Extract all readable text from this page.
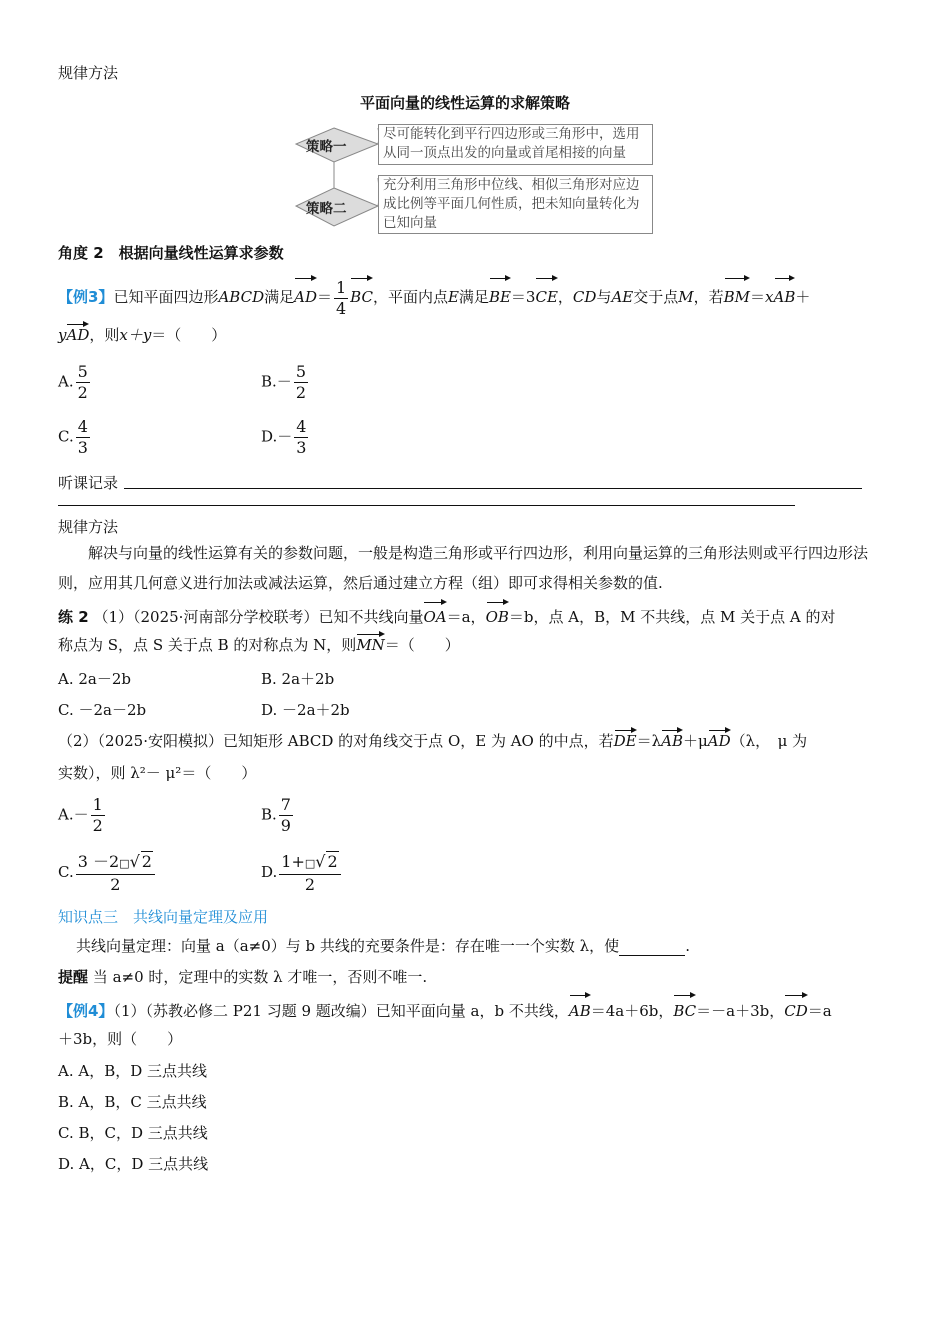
规律方法
平面向量的线性运算的求解策略
策略一
策略二
尽可能转化到平行四边形或三角形中，选用从同一顶点出发的向量或首尾相接的向量
充分利用三角形中位线、相似三角形对应边成比例等平面几何性质，把未知向量转化为已知向量
角度 2　根据向量线性运算求参数
【例3】已知平面四边形ABCD满足$AD= \frac{1}{4}$ BC，平面内点E满足BE＝3CE，CD与AE交于点M，若BM＝xAB＋
yAD，则x＋y＝（　　）
A. $\frac{5}{2}$	$B.- \frac{5}{2}$
C. $\frac{4}{3}$	$D.- \frac{4}{3}$
听课记录
规律方法
解决与向量的线性运算有关的参数问题，一般是构造三角形或平行四边形，利用向量运算的三角形法则或平行四边形法则，应用其几何意义进行加法或减法运算，然后通过建立方程（组）即可求得相关参数的值.
练 2 （1）（2025·河南部分学校联考）已知不共线向量OA＝a，OB＝b，点 A，B，M 不共线，点 M 关于点 A 的对
称点为 S，点 S 关于点 B 的对称点为 N，则MN＝（　　）
A. 2a－2b	B. 2a＋2b
C. －2a－2b	D. －2a＋2b
（2）（2025·安阳模拟）已知矩形 ABCD 的对角线交于点 O，E 为 AO 的中点，若DE＝λAB＋μAD（λ，　μ 为
实数），则 λ²－ μ²＝（　　）
$A.- \frac{1}{2}$	B. $\frac{7}{9}$
C. $\frac{3 -2□√ 2}{2}$	D. $\frac{1+□√ 2}{2}$
知识点三　共线向量定理及应用
共线向量定理：向量 a（a≠0）与 b 共线的充要条件是：存在唯一一个实数 λ，使	.
提醒 当 a≠0 时，定理中的实数 λ 才唯一，否则不唯一.
【例4】（1）（苏教必修二 P21 习题 9 题改编）已知平面向量 a，b 不共线，AB＝4a＋6b，BC＝－a＋3b，CD＝a
＋3b，则（　　）
A. A，B，D 三点共线
B. A，B，C 三点共线
C. B，C，D 三点共线
D. A，C，D 三点共线
